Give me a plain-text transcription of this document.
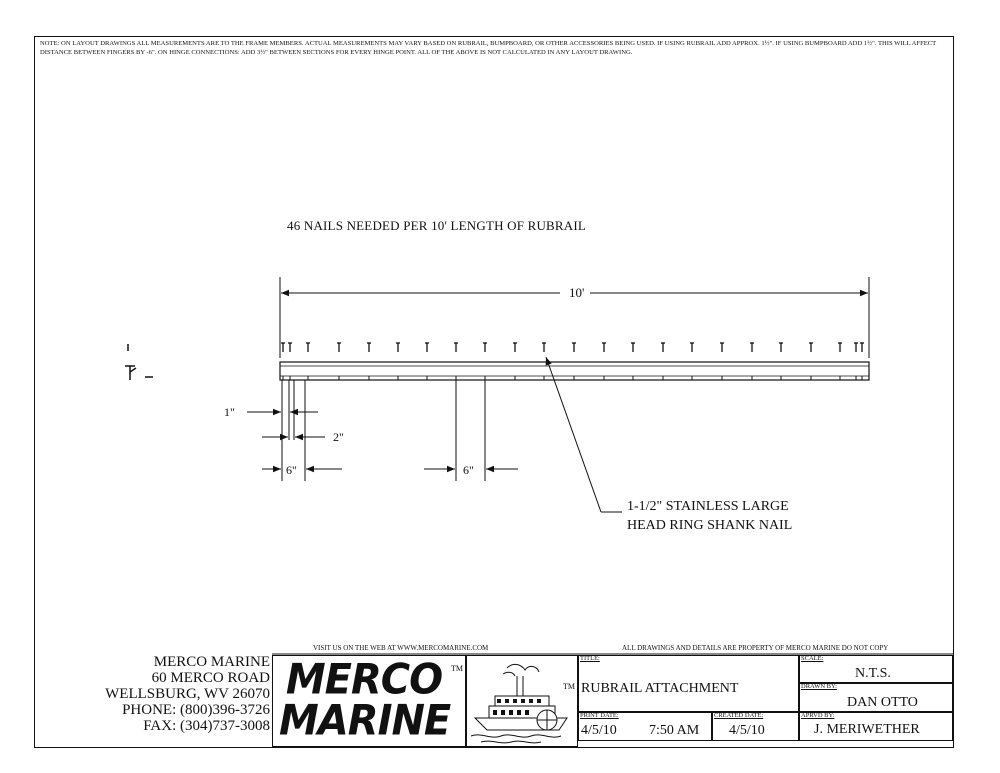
NOTE: ON LAYOUT DRAWINGS ALL MEASUREMENTS ARE TO THE FRAME MEMBERS. ACTUAL MEASUREMENTS MAY VARY BASED ON RUBRAIL, BUMPBOARD, OR OTHER ACCESSORIES BEING USED. IF USING RUBRAIL ADD APPROX. 1½". IF USING BUMPBOARD ADD 1½". THIS WILL AFFECT DISTANCE BETWEEN FINGERS BY -6". ON HINGE CONNECTIONS: ADD 3½" BETWEEN SECTIONS FOR EVERY HINGE POINT. ALL OF THE ABOVE IS NOT CALCULATED IN ANY LAYOUT DRAWING.
46 NAILS NEEDED PER 10' LENGTH OF RUBRAIL
10'
1"
2"
6"	6"
1-1/2" STAINLESS LARGE
HEAD RING SHANK NAIL
VISIT US ON THE WEB AT WWW.MERCOMARINE.COM	ALL DRAWINGS AND DETAILS ARE PROPERTY OF MERCO MARINE DO NOT COPY
MERCO MARINE
60 MERCO ROAD
WELLSBURG, WV 26070
PHONE: (800)396-3726
FAX: (304)737-3008
MERCO
MARINE
TM
TM
TITLE:
RUBRAIL ATTACHMENT
SCALE:
N.T.S.
DRAWN BY:
DAN OTTO
PRINT DATE:
4/5/10 7:50 AM
CREATED DATE:
4/5/10
APRVD BY:
J. MERIWETHER
